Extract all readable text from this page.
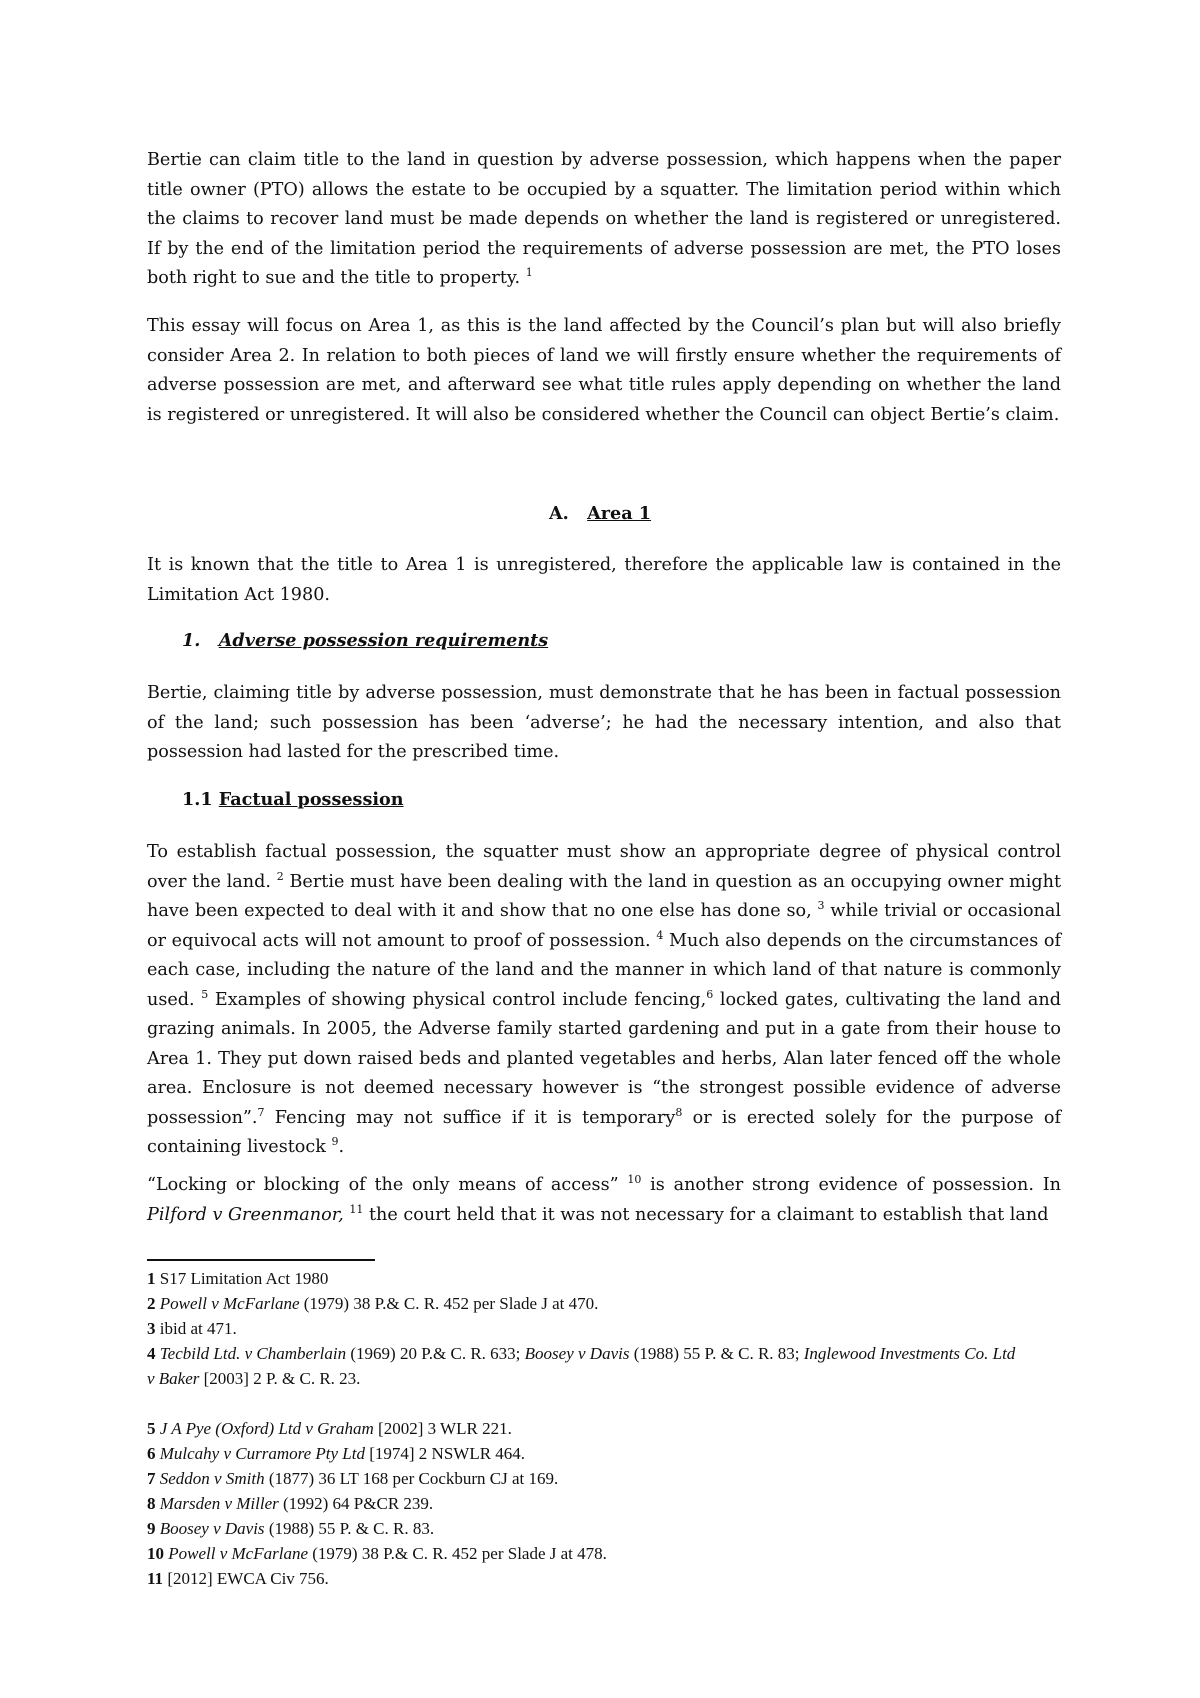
Bertie can claim title to the land in question by adverse possession, which happens when the paper title owner (PTO) allows the estate to be occupied by a squatter. The limitation period within which the claims to recover land must be made depends on whether the land is registered or unregistered. If by the end of the limitation period the requirements of adverse possession are met, the PTO loses both right to sue and the title to property. $^1$

This essay will focus on Area 1, as this is the land affected by the Council’s plan but will also briefly consider Area 2. In relation to both pieces of land we will firstly ensure whether the requirements of adverse possession are met, and afterward see what title rules apply depending on whether the land is registered or unregistered. It will also be considered whether the Council can object Bertie’s claim.

A. Area 1

It is known that the title to Area 1 is unregistered, therefore the applicable law is contained in the Limitation Act 1980.

1. Adverse possession requirements

Bertie, claiming title by adverse possession, must demonstrate that he has been in factual possession of the land; such possession has been ‘adverse’; he had the necessary intention, and also that possession had lasted for the prescribed time.

1.1 Factual possession

To establish factual possession, the squatter must show an appropriate degree of physical control over the land. $^2$ Bertie must have been dealing with the land in question as an occupying owner might have been expected to deal with it and show that no one else has done so, $^3$ while trivial or occasional or equivocal acts will not amount to proof of possession. $^4$ Much also depends on the circumstances of each case, including the nature of the land and the manner in which land of that nature is commonly used. $^5$ Examples of showing physical control include fencing,$^6$ locked gates, cultivating the land and grazing animals. In 2005, the Adverse family started gardening and put in a gate from their house to Area 1. They put down raised beds and planted vegetables and herbs, Alan later fenced off the whole area. Enclosure is not deemed necessary however is “the strongest possible evidence of adverse possession”.$^7$ Fencing may not suffice if it is temporary$^8$ or is erected solely for the purpose of containing livestock $^9$.

“Locking or blocking of the only means of access” $^{10}$ is another strong evidence of possession. In Pilford v Greenmanor, $^{11}$ the court held that it was not necessary for a claimant to establish that land

1 S17 Limitation Act 1980

2 Powell v McFarlane (1979) 38 P.& C. R. 452 per Slade J at 470.

3 ibid at 471.

4 Tecbild Ltd. v Chamberlain (1969) 20 P.& C. R. 633; Boosey v Davis (1988) 55 P. & C. R. 83; Inglewood Investments Co. Ltd v Baker [2003] 2 P. & C. R. 23.

5 J A Pye (Oxford) Ltd v Graham [2002] 3 WLR 221.

6 Mulcahy v Curramore Pty Ltd [1974] 2 NSWLR 464.

7 Seddon v Smith (1877) 36 LT 168 per Cockburn CJ at 169.

8 Marsden v Miller (1992) 64 P&CR 239.

9 Boosey v Davis (1988) 55 P. & C. R. 83.

10 Powell v McFarlane (1979) 38 P.& C. R. 452 per Slade J at 478.

11 [2012] EWCA Civ 756.
